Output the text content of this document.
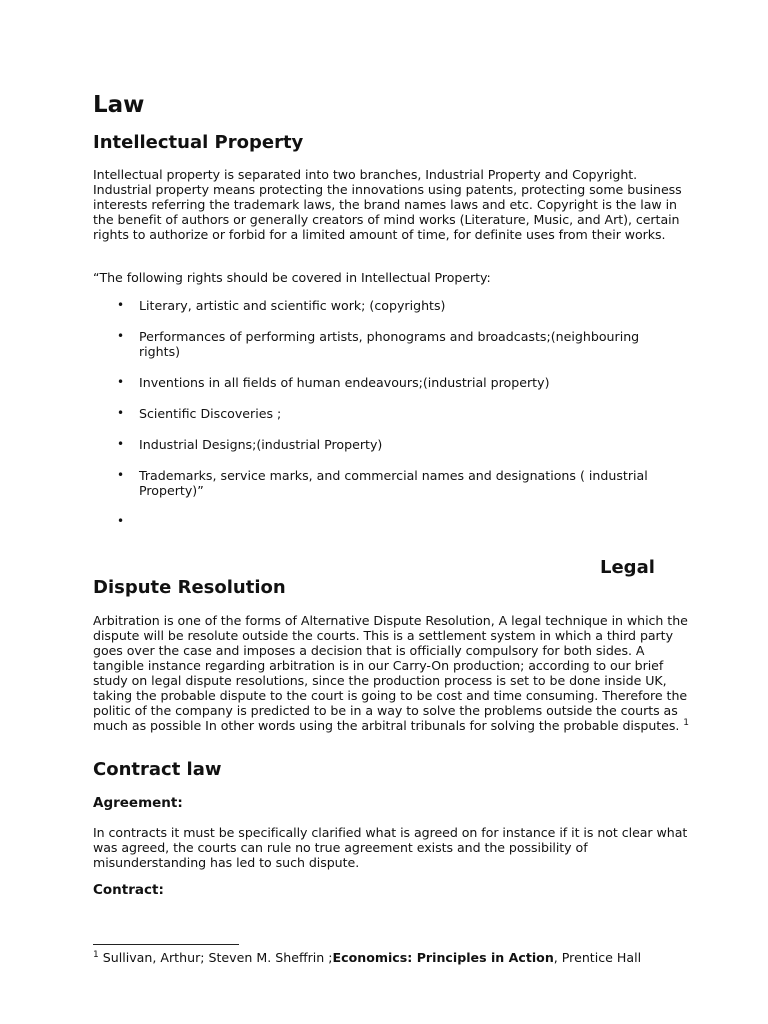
Law
Intellectual Property

Intellectual property is separated into two branches, Industrial Property and Copyright. Industrial property means protecting the innovations using patents, protecting some business interests referring the trademark laws, the brand names laws and etc. Copyright is the law in the benefit of authors or generally creators of mind works (Literature, Music, and Art), certain rights to authorize or forbid for a limited amount of time, for definite uses from their works.

“The following rights should be covered in Intellectual Property:

• Literary, artistic and scientific work; (copyrights)
• Performances of performing artists, phonograms and broadcasts;(neighbouring rights)
• Inventions in all fields of human endeavours;(industrial property)
• Scientific Discoveries ;
• Industrial Designs;(industrial Property)
• Trademarks, service marks, and commercial names and designations ( industrial Property)”
•
Legal
Dispute Resolution

Arbitration is one of the forms of Alternative Dispute Resolution, A legal technique in which the dispute will be resolute outside the courts. This is a settlement system in which a third party goes over the case and imposes a decision that is officially compulsory for both sides. A tangible instance regarding arbitration is in our Carry-On production; according to our brief study on legal dispute resolutions, since the production process is set to be done inside UK, taking the probable dispute to the court is going to be cost and time consuming. Therefore the politic of the company is predicted to be in a way to solve the problems outside the courts as much as possible In other words using the arbitral tribunals for solving the probable disputes. $^1$

Contract law
Agreement:

In contracts it must be specifically clarified what is agreed on for instance if it is not clear what was agreed, the courts can rule no true agreement exists and the possibility of misunderstanding has led to such dispute.

Contract:
$^1$ Sullivan, Arthur; Steven M. Sheffrin ;Economics: Principles in Action, Prentice Hall
